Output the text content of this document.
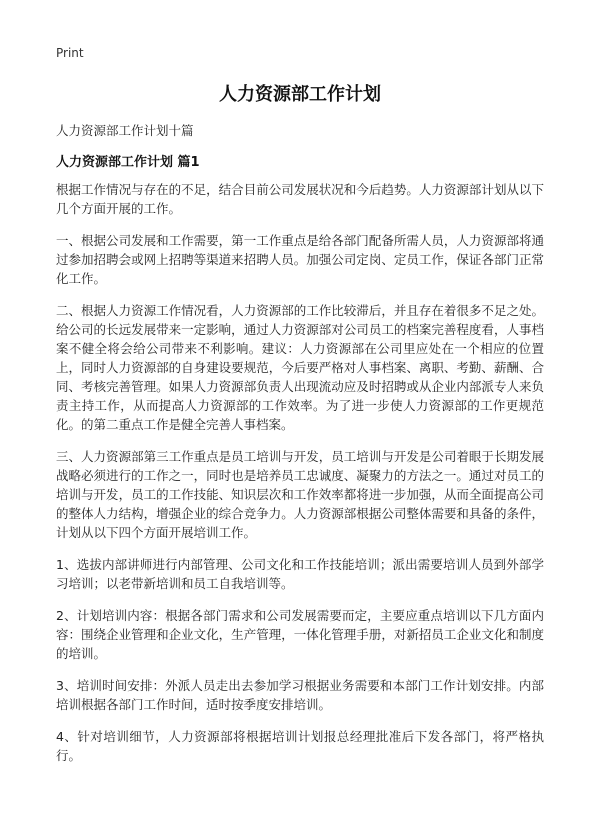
Print
人力资源部工作计划
人力资源部工作计划十篇
人力资源部工作计划 篇1

根据工作情况与存在的不足，结合目前公司发展状况和今后趋势。人力资源部计划从以下几个方面开展的工作。

一、根据公司发展和工作需要，第一工作重点是给各部门配备所需人员，人力资源部将通过参加招聘会或网上招聘等渠道来招聘人员。加强公司定岗、定员工作，保证各部门正常化工作。

二、根据人力资源工作情况看，人力资源部的工作比较滞后，并且存在着很多不足之处。给公司的长远发展带来一定影响，通过人力资源部对公司员工的档案完善程度看，人事档案不健全将会给公司带来不利影响。建议：人力资源部在公司里应处在一个相应的位置上，同时人力资源部的自身建设要规范，今后要严格对人事档案、离职、考勤、薪酬、合同、考核完善管理。如果人力资源部负责人出现流动应及时招聘或从企业内部派专人来负责主持工作，从而提高人力资源部的工作效率。为了进一步使人力资源部的工作更规范化。的第二重点工作是健全完善人事档案。

三、人力资源部第三工作重点是员工培训与开发，员工培训与开发是公司着眼于长期发展战略必须进行的工作之一，同时也是培养员工忠诚度、凝聚力的方法之一。通过对员工的培训与开发，员工的工作技能、知识层次和工作效率都将进一步加强，从而全面提高公司的整体人力结构，增强企业的综合竞争力。人力资源部根据公司整体需要和具备的条件，计划从以下四个方面开展培训工作。

1、选拔内部讲师进行内部管理、公司文化和工作技能培训；派出需要培训人员到外部学习培训；以老带新培训和员工自我培训等。

2、计划培训内容：根据各部门需求和公司发展需要而定，主要应重点培训以下几方面内容：围绕企业管理和企业文化，生产管理，一体化管理手册，对新招员工企业文化和制度的培训。

3、培训时间安排：外派人员走出去参加学习根据业务需要和本部门工作计划安排。内部培训根据各部门工作时间，适时按季度安排培训。

4、针对培训细节，人力资源部将根据培训计划报总经理批准后下发各部门，将严格执行。
